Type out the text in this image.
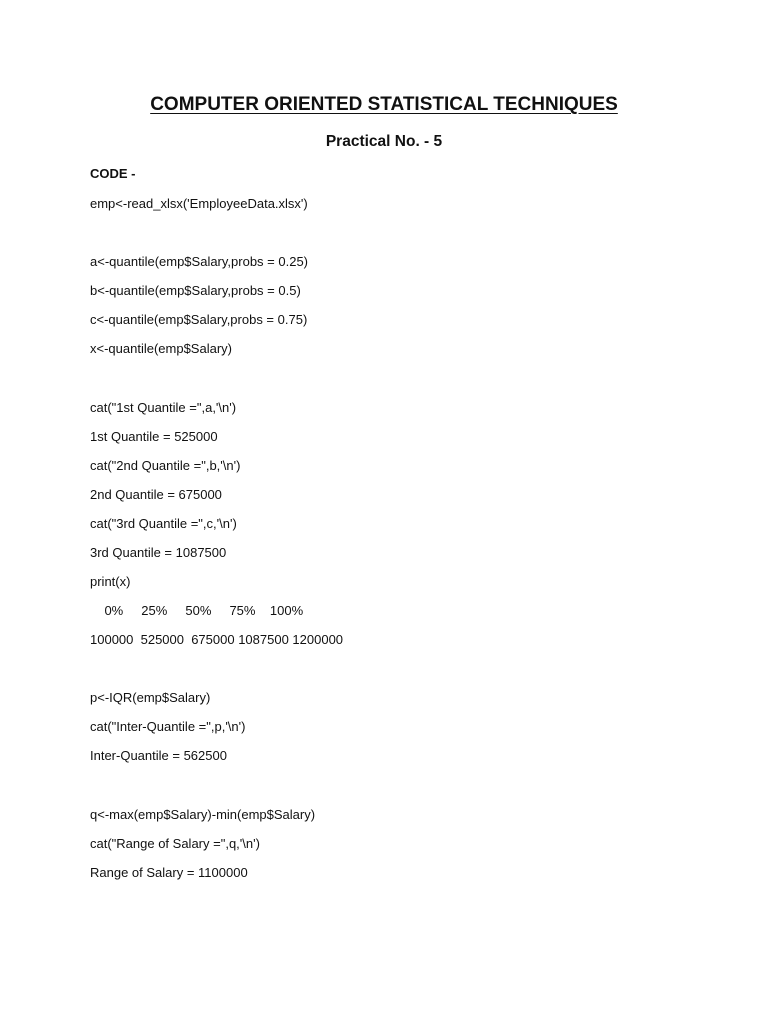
COMPUTER ORIENTED STATISTICAL TECHNIQUES
Practical No. - 5
CODE -
emp<-read_xlsx('EmployeeData.xlsx')
a<-quantile(emp$Salary,probs = 0.25)
b<-quantile(emp$Salary,probs = 0.5)
c<-quantile(emp$Salary,probs = 0.75)
x<-quantile(emp$Salary)
cat("1st Quantile =",a,'\n')
1st Quantile = 525000
cat("2nd Quantile =",b,'\n')
2nd Quantile = 675000
cat("3rd Quantile =",c,'\n')
3rd Quantile = 1087500
print(x)
0%     25%     50%     75%    100%
100000  525000  675000 1087500 1200000
p<-IQR(emp$Salary)
cat("Inter-Quantile =",p,'\n')
Inter-Quantile = 562500
q<-max(emp$Salary)-min(emp$Salary)
cat("Range of Salary =",q,'\n')
Range of Salary = 1100000
